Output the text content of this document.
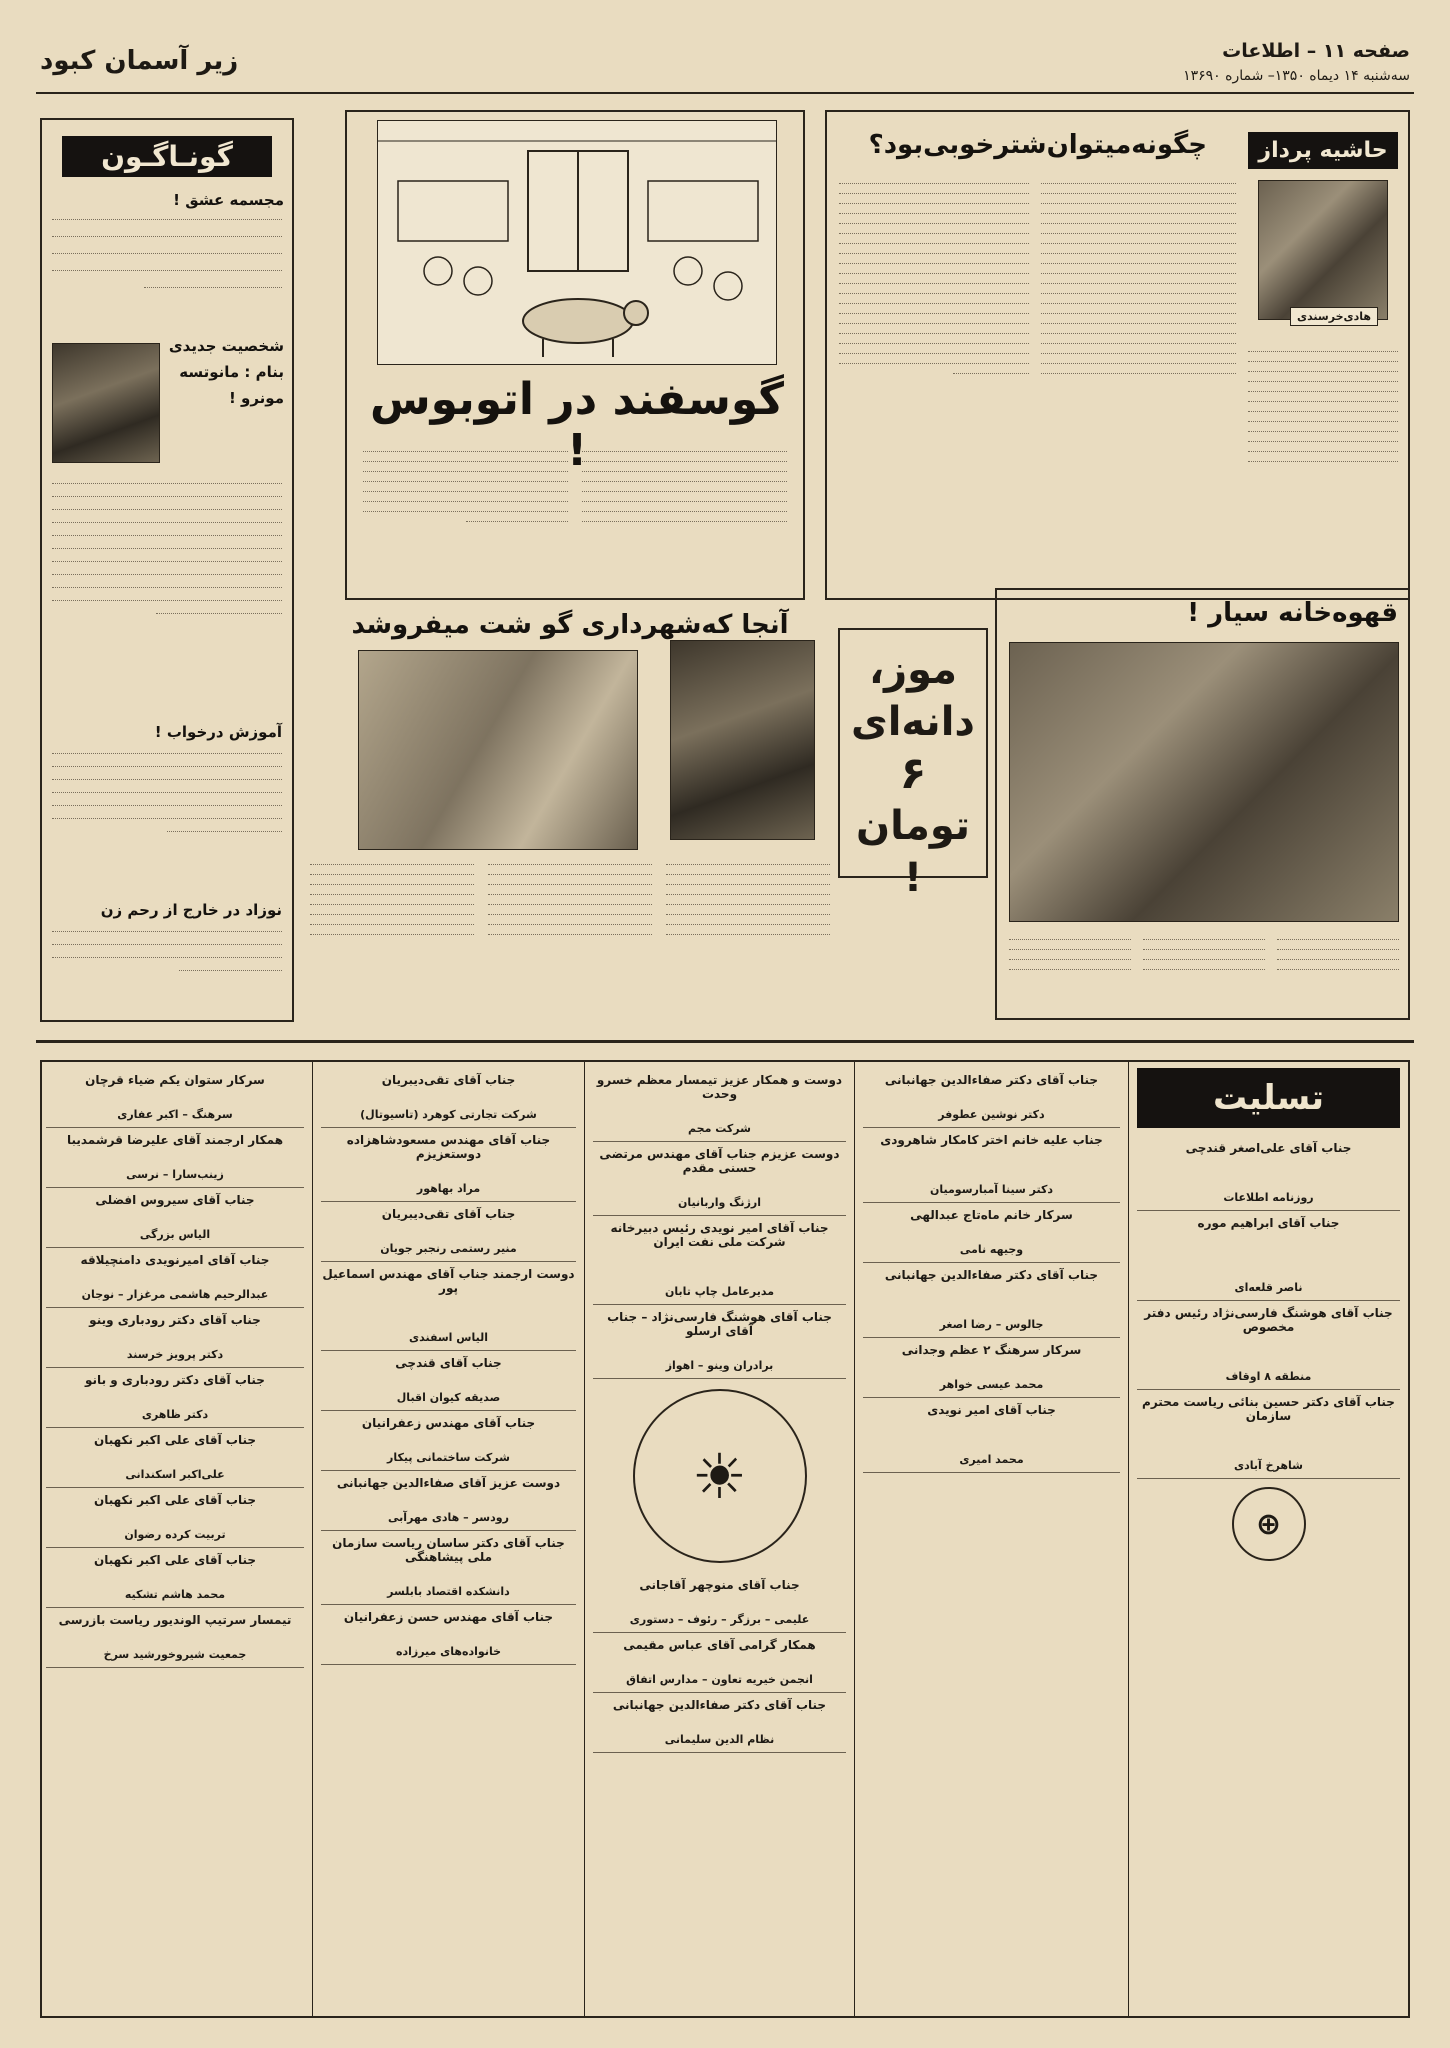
صفحه ۱۱ – اطلاعات
سه‌شنبه ۱۴ دیماه ۱۳۵۰– شماره ۱۳۶۹۰
زیر آسمان کبود
گونـاگـون
مجسمه عشق !
شخصیت جدیدی بنام : مانوتسه مونرو !
آموزش درخواب !
نوزاد در خارج از رحم زن
گوسفند در اتوبوس !
چگونه‌میتوان‌شترخوبی‌بود؟	حاشیه پرداز
هادی‌خرسندی
آنجا که‌شهرداری گو شت میفروشد
موز،
دانه‌ای
۶
تومان !
قهوه‌خانه سیار !
تسلیت
جناب آقای علی‌اصغر قندچی

روزنامه اطلاعات
جناب آقای ابراهیم موره

ناصر قلعه‌ای
جناب آقای هوشنگ فارسی‌نژاد رئیس دفتر مخصوص

منطقه ۸ اوقاف
جناب آقای دکتر حسین بنائی ریاست محترم سازمان

شاهرخ آبادی
⊕
جناب آقای دکتر صفاءالدین جهانبانی

دکتر نوشین عطوفر
جناب علیه خانم اختر کامکار شاهرودی

دکتر سینا آمبارسومیان
سرکار خانم ماه‌تاج عبدالهی

وجیهه نامی
جناب آقای دکتر صفاءالدین جهانبانی

جالوس – رضا اصغر
سرکار سرهنگ ۲ عظم وجدانی

محمد عیسی خواهر
جناب آقای امیر نویدی

محمد امیری
دوست و همکار عزیز تیمسار معظم خسرو وحدت

شرکت مجم
دوست عزیزم جناب آقای مهندس مرتضی حسنی مقدم

ارژنگ واربانیان
جناب آقای امیر نویدی رئیس دبیرخانه شرکت ملی نفت ایران

مدیرعامل چاپ تابان
جناب آقای هوشنگ فارسی‌نژاد – جناب آقای ارسلو

برادران وینو – اهواز
☀
جناب آقای منوچهر آقاجانی

علیمی – برزگر – رئوف – دستوری
همکار گرامی آقای عباس مقیمی

انجمن خیریه تعاون – مدارس اتفاق
جناب آقای دکتر صفاءالدین جهانبانی

نظام الدین سلیمانی
جناب آقای تقی‌دیبریان

شرکت تجارتی کوهرد (تاسیوتال)
جناب آقای مهندس مسعودشاهزاده دوستعزیزم

مراد بهاهور
جناب آقای تقی‌دیبریان

منیر رستمی رنجبر جویان
دوست ارجمند جناب آقای مهندس اسماعیل پور

الیاس اسفندی
جناب آقای قندچی

صدیقه کیوان اقبال
جناب آقای مهندس زعفرانیان

شرکت ساختمانی پیکار
دوست عزیز آقای صفاءالدین جهانبانی

رودسر – هادی مهرآبی
جناب آقای دکتر ساسان ریاست سازمان ملی پیشاهنگی

دانشکده اقتصاد بابلسر
جناب آقای مهندس حسن زعفرانیان

خانواده‌های میرزاده
سرکار ستوان یکم ضیاء قرچان

سرهنگ – اکبر عفاری
همکار ارجمند آقای علیرضا قرشمدیبا

زینب‌سارا – نرسی
جناب آقای سیروس افضلی

الیاس بزرگی
جناب آقای امیرنویدی دامنچیلاقه

عبدالرحیم هاشمی مرغزار – نوجان
جناب آقای دکتر رودباری وینو

دکتر پرویز خرسند
جناب آقای دکتر رودباری و بانو

دکتر ظاهری
جناب آقای علی اکبر نکهبان

علی‌اکبر اسکندانی
جناب آقای علی اکبر نکهبان

تربیت کرده رضوان
جناب آقای علی اکبر نکهبان

محمد هاشم تشکیه
تیمسار سرتیپ الوندیور ریاست بازرسی

جمعیت شیروخورشید سرخ
